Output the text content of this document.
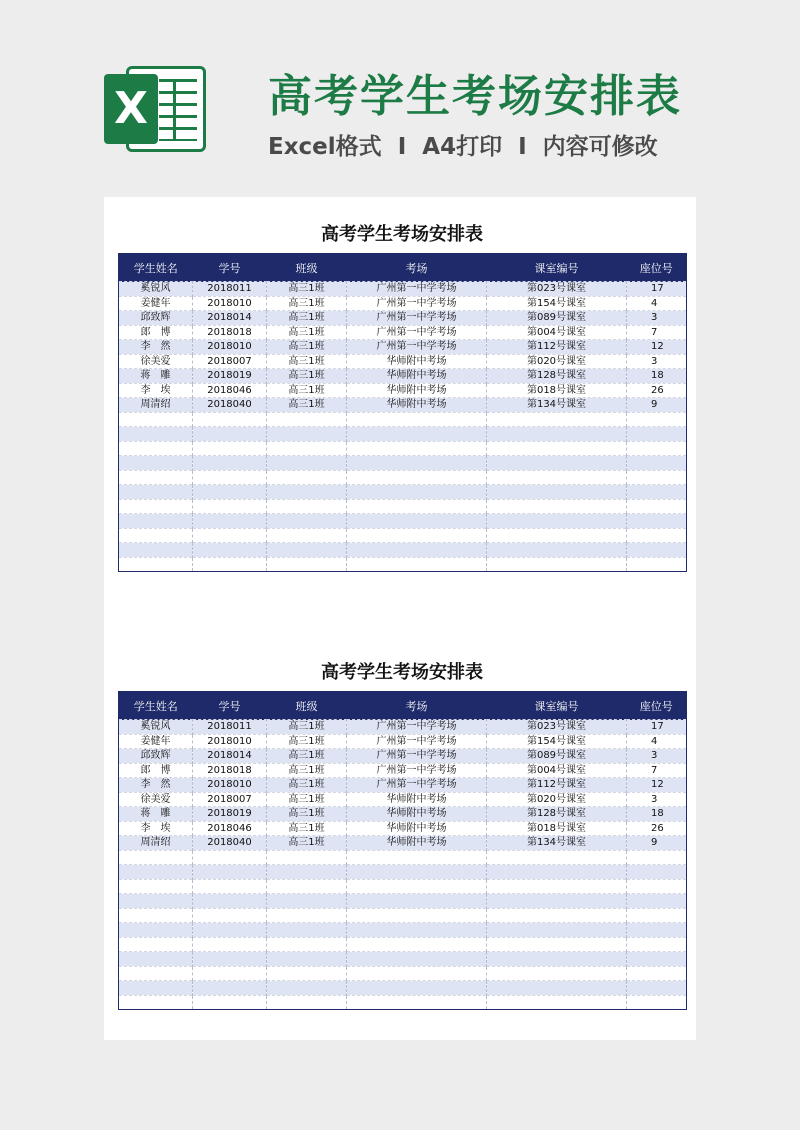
X	高考学生考场安排表

Excel格式 I A4打印 I 内容可修改

高考学生考场安排表
学生姓名	学号	班级	考场	课室编号	座位号
奚锐风	2018011	高三1班	广州第一中学考场	第023号课室	17
姜健年	2018010	高三1班	广州第一中学考场	第154号课室	4
邱致辉	2018014	高三1班	广州第一中学考场	第089号课室	3
郎　博	2018018	高三1班	广州第一中学考场	第004号课室	7
李　然	2018010	高三1班	广州第一中学考场	第112号课室	12
徐美爱	2018007	高三1班	华师附中考场	第020号课室	3
蒋　雕	2018019	高三1班	华师附中考场	第128号课室	18
李　埃	2018046	高三1班	华师附中考场	第018号课室	26
周清绍	2018040	高三1班	华师附中考场	第134号课室	9

高考学生考场安排表
学生姓名	学号	班级	考场	课室编号	座位号
奚锐风	2018011	高三1班	广州第一中学考场	第023号课室	17
姜健年	2018010	高三1班	广州第一中学考场	第154号课室	4
邱致辉	2018014	高三1班	广州第一中学考场	第089号课室	3
郎　博	2018018	高三1班	广州第一中学考场	第004号课室	7
李　然	2018010	高三1班	广州第一中学考场	第112号课室	12
徐美爱	2018007	高三1班	华师附中考场	第020号课室	3
蒋　雕	2018019	高三1班	华师附中考场	第128号课室	18
李　埃	2018046	高三1班	华师附中考场	第018号课室	26
周清绍	2018040	高三1班	华师附中考场	第134号课室	9
